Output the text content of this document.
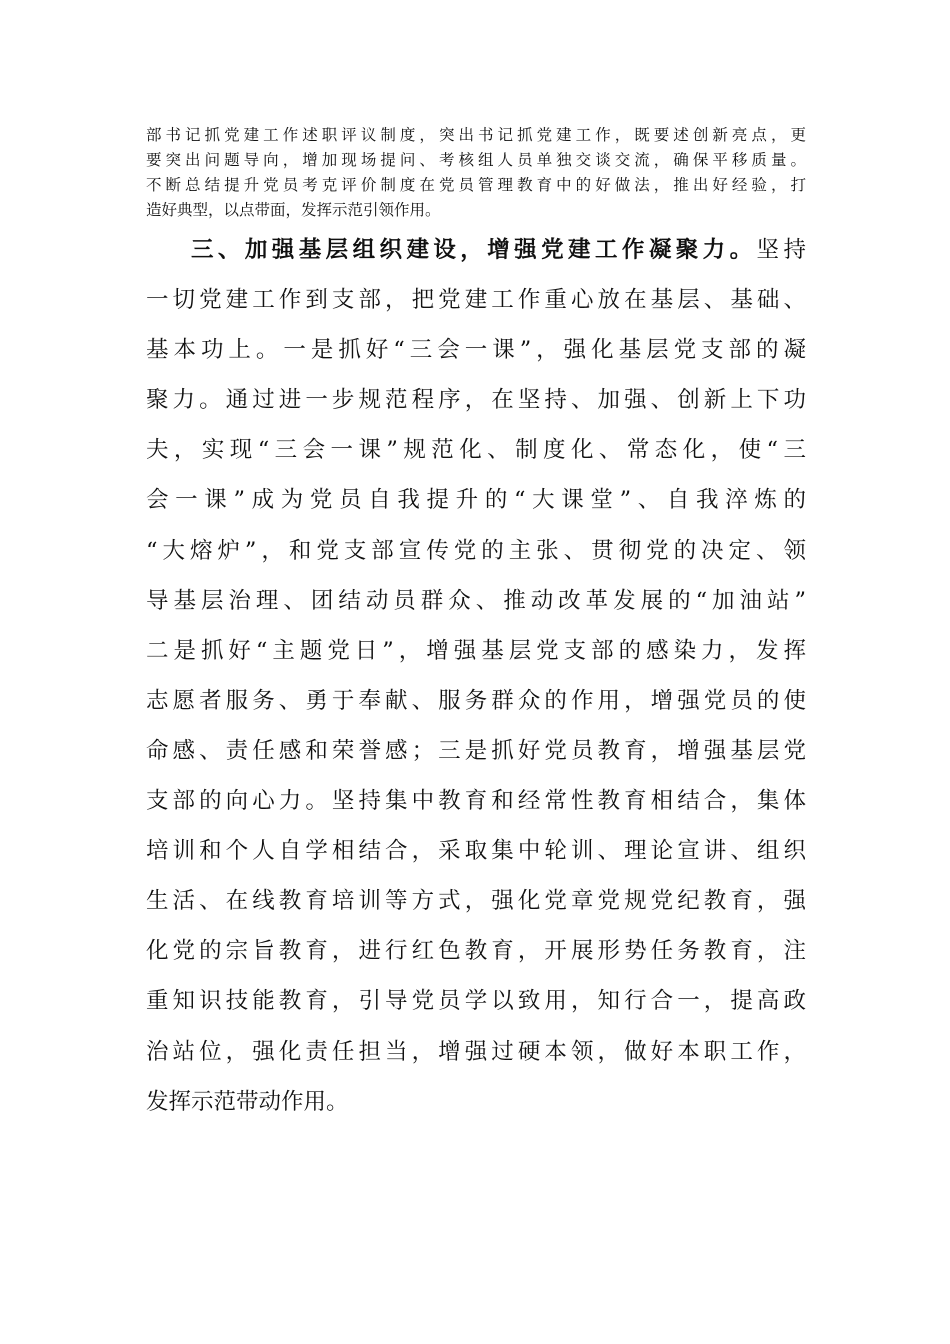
部书记抓党建工作述职评议制度，突出书记抓党建工作，既要述创新亮点，更
要突出问题导向，增加现场提问、考核组人员单独交谈交流，确保平移质量。
不断总结提升党员考克评价制度在党员管理教育中的好做法，推出好经验，打
造好典型，以点带面，发挥示范引领作用。
三、加强基层组织建设，增强党建工作凝聚力。坚持
一切党建工作到支部，把党建工作重心放在基层、基础、
基本功上。一是抓好“三会一课”，强化基层党支部的凝
聚力。通过进一步规范程序，在坚持、加强、创新上下功
夫，实现“三会一课”规范化、制度化、常态化，使“三
会一课”成为党员自我提升的“大课堂”、自我淬炼的
“大熔炉”，和党支部宣传党的主张、贯彻党的决定、领
导基层治理、团结动员群众、推动改革发展的“加油站”
二是抓好“主题党日”，增强基层党支部的感染力，发挥
志愿者服务、勇于奉献、服务群众的作用，增强党员的使
命感、责任感和荣誉感；三是抓好党员教育，增强基层党
支部的向心力。坚持集中教育和经常性教育相结合，集体
培训和个人自学相结合，采取集中轮训、理论宣讲、组织
生活、在线教育培训等方式，强化党章党规党纪教育，强
化党的宗旨教育，进行红色教育，开展形势任务教育，注
重知识技能教育，引导党员学以致用，知行合一，提高政
治站位，强化责任担当，增强过硬本领，做好本职工作，
发挥示范带动作用。
